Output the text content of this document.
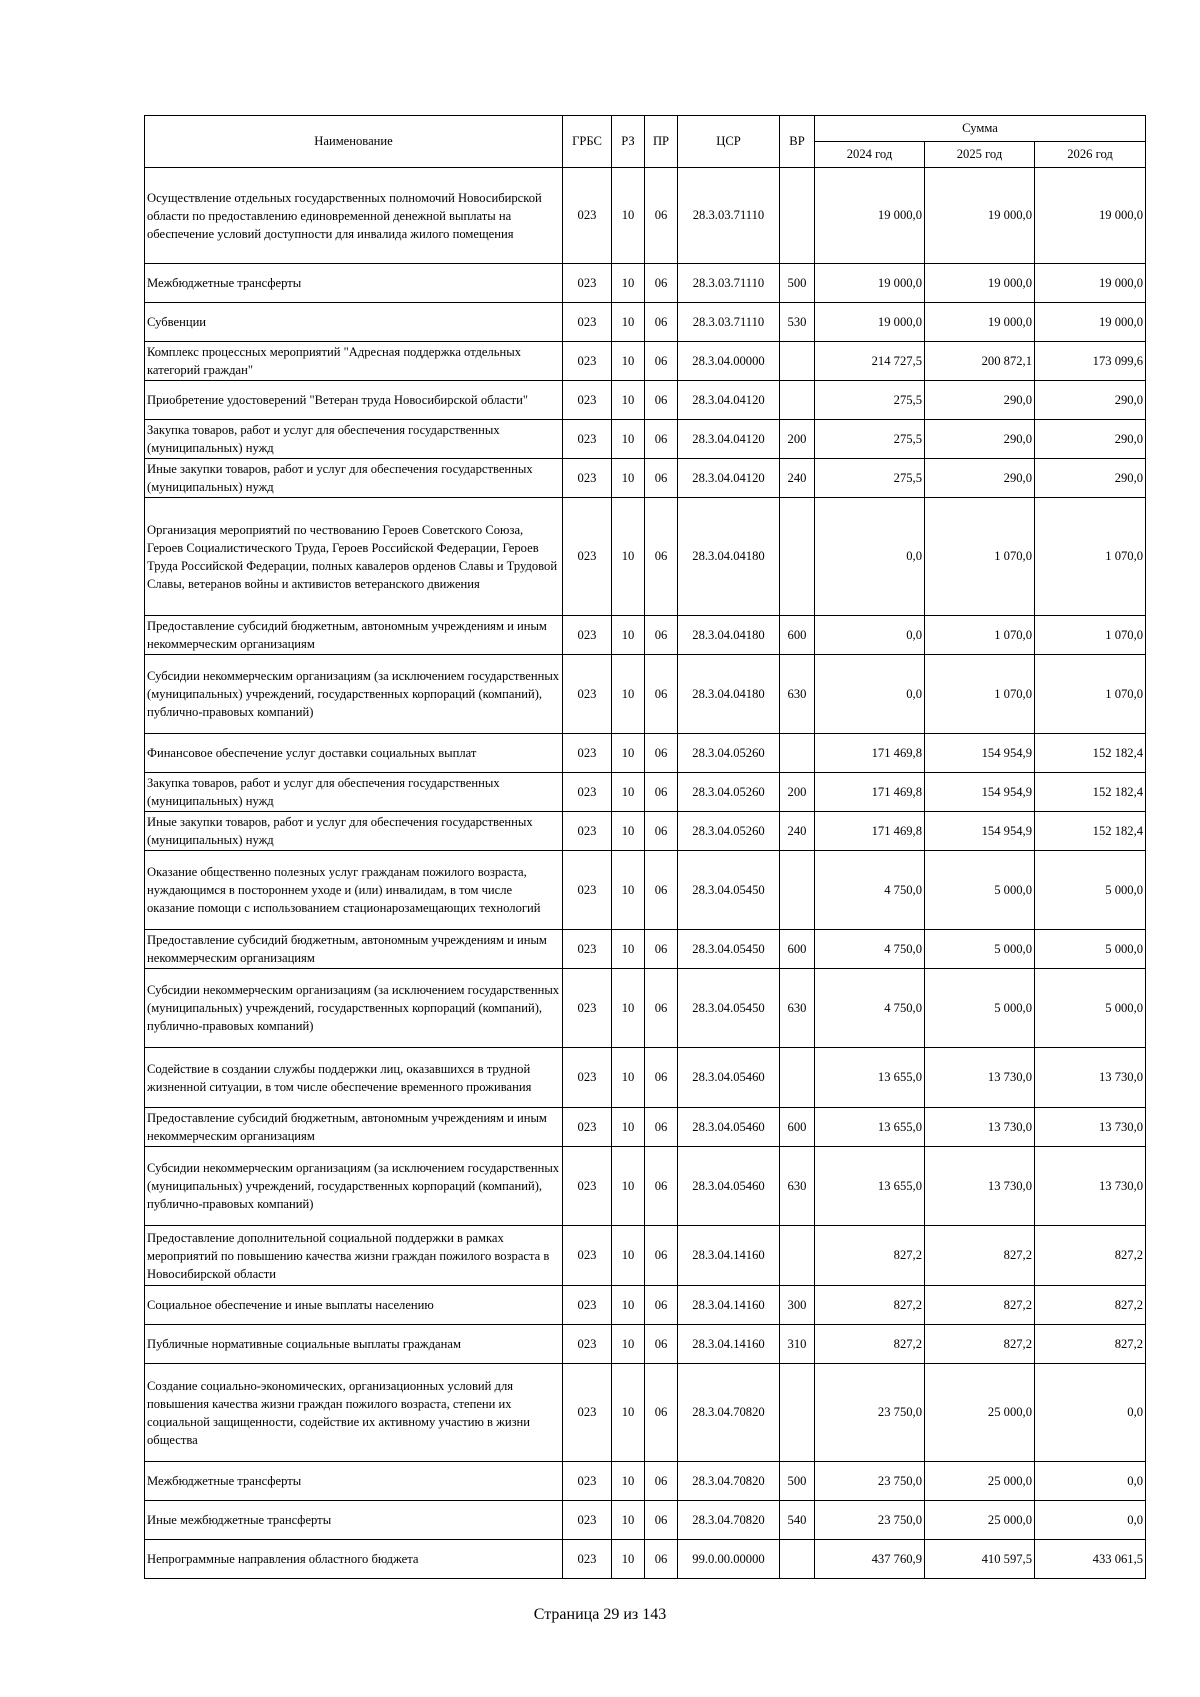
Наименование	ГРБС	РЗ	ПР	ЦСР	ВР	Сумма		
						2024 год	2025 год	2026 год
Осуществление отдельных государственных полномочий Новосибирской области по предоставлению единовременной денежной выплаты на обеспечение условий доступности для инвалида жилого помещения	023	10	06	28.3.03.71110		19 000,0	19 000,0	19 000,0
Межбюджетные трансферты	023	10	06	28.3.03.71110	500	19 000,0	19 000,0	19 000,0
Субвенции	023	10	06	28.3.03.71110	530	19 000,0	19 000,0	19 000,0
Комплекс процессных мероприятий "Адресная поддержка отдельных категорий граждан"	023	10	06	28.3.04.00000		214 727,5	200 872,1	173 099,6
Приобретение удостоверений "Ветеран труда Новосибирской области"	023	10	06	28.3.04.04120		275,5	290,0	290,0
Закупка товаров, работ и услуг для обеспечения государственных (муниципальных) нужд	023	10	06	28.3.04.04120	200	275,5	290,0	290,0
Иные закупки товаров, работ и услуг для обеспечения государственных (муниципальных) нужд	023	10	06	28.3.04.04120	240	275,5	290,0	290,0
Организация мероприятий по чествованию Героев Советского Союза, Героев Социалистического Труда, Героев Российской Федерации, Героев Труда Российской Федерации, полных кавалеров орденов Славы и Трудовой Славы, ветеранов войны и активистов ветеранского движения	023	10	06	28.3.04.04180		0,0	1 070,0	1 070,0
Предоставление субсидий бюджетным, автономным учреждениям и иным некоммерческим организациям	023	10	06	28.3.04.04180	600	0,0	1 070,0	1 070,0
Субсидии некоммерческим организациям (за исключением государственных (муниципальных) учреждений, государственных корпораций (компаний), публично-правовых компаний)	023	10	06	28.3.04.04180	630	0,0	1 070,0	1 070,0
Финансовое обеспечение услуг доставки социальных выплат	023	10	06	28.3.04.05260		171 469,8	154 954,9	152 182,4
Закупка товаров, работ и услуг для обеспечения государственных (муниципальных) нужд	023	10	06	28.3.04.05260	200	171 469,8	154 954,9	152 182,4
Иные закупки товаров, работ и услуг для обеспечения государственных (муниципальных) нужд	023	10	06	28.3.04.05260	240	171 469,8	154 954,9	152 182,4
Оказание общественно полезных услуг гражданам пожилого возраста, нуждающимся в постороннем уходе и (или) инвалидам, в том числе оказание помощи с использованием стационарозамещающих технологий	023	10	06	28.3.04.05450		4 750,0	5 000,0	5 000,0
Предоставление субсидий бюджетным, автономным учреждениям и иным некоммерческим организациям	023	10	06	28.3.04.05450	600	4 750,0	5 000,0	5 000,0
Субсидии некоммерческим организациям (за исключением государственных (муниципальных) учреждений, государственных корпораций (компаний), публично-правовых компаний)	023	10	06	28.3.04.05450	630	4 750,0	5 000,0	5 000,0
Содействие в создании службы поддержки лиц, оказавшихся в трудной жизненной ситуации, в том числе обеспечение временного проживания	023	10	06	28.3.04.05460		13 655,0	13 730,0	13 730,0
Предоставление субсидий бюджетным, автономным учреждениям и иным некоммерческим организациям	023	10	06	28.3.04.05460	600	13 655,0	13 730,0	13 730,0
Субсидии некоммерческим организациям (за исключением государственных (муниципальных) учреждений, государственных корпораций (компаний), публично-правовых компаний)	023	10	06	28.3.04.05460	630	13 655,0	13 730,0	13 730,0
Предоставление дополнительной социальной поддержки в рамках мероприятий по повышению качества жизни граждан пожилого возраста в Новосибирской области	023	10	06	28.3.04.14160		827,2	827,2	827,2
Социальное обеспечение и иные выплаты населению	023	10	06	28.3.04.14160	300	827,2	827,2	827,2
Публичные нормативные социальные выплаты гражданам	023	10	06	28.3.04.14160	310	827,2	827,2	827,2
Создание социально-экономических, организационных условий для повышения качества жизни граждан пожилого возраста, степени их социальной защищенности, содействие их активному участию в жизни общества	023	10	06	28.3.04.70820		23 750,0	25 000,0	0,0
Межбюджетные трансферты	023	10	06	28.3.04.70820	500	23 750,0	25 000,0	0,0
Иные межбюджетные трансферты	023	10	06	28.3.04.70820	540	23 750,0	25 000,0	0,0
Непрограммные направления областного бюджета	023	10	06	99.0.00.00000		437 760,9	410 597,5	433 061,5
Страница 29 из 143
